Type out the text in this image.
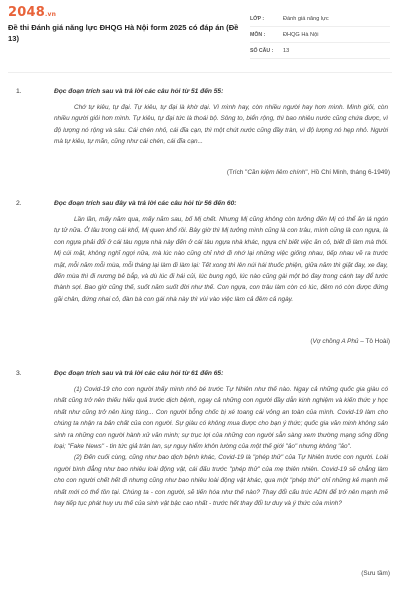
2048.vn
Đề thi Đánh giá năng lực ĐHQG Hà Nội form 2025 có đáp án (Đề 13)
LỚP :	Đánh giá năng lực
MÔN :	ĐHQG Hà Nội
SỐ CÂU :	13
1.	Đọc đoạn trích sau và trả lời các câu hỏi từ 51 đến 55:

Chớ tự kiêu, tự đại. Tự kiêu, tự đại là khờ dại. Vì mình hay, còn nhiều người hay hơn mình. Mình giỏi, còn nhiều người giỏi hơn mình. Tự kiêu, tự đại tức là thoái bộ. Sông to, biển rộng, thì bao nhiêu nước cũng chứa được, vì độ lượng nó rộng và sâu. Cái chén nhỏ, cái đĩa cạn, thì một chút nước cũng đầy tràn, vì độ lượng nó hẹp nhỏ. Người mà tự kiêu, tự mãn, cũng như cái chén, cái đĩa cạn...

(Trích "Cần kiệm liêm chính", Hồ Chí Minh, tháng 6-1949)
2.	Đọc đoạn trích sau đây và trả lời các câu hỏi từ 56 đến 60:

Lần lần, mấy năm qua, mấy năm sau, bố Mị chết. Nhưng Mị cũng không còn tưởng đến Mị có thể ăn lá ngón tự tử nữa. Ở lâu trong cái khổ, Mị quen khổ rồi. Bây giờ thì Mị tưởng mình cũng là con trâu, mình cũng là con ngựa, là con ngựa phải đổi ở cái tàu ngựa nhà này đến ở cái tàu ngựa nhà khác, ngựa chỉ biết việc ăn cỏ, biết đi làm mà thôi. Mị cúi mặt, không nghĩ ngợi nữa, mà lúc nào cũng chỉ nhớ đi nhớ lại những việc giống nhau, tiếp nhau vẽ ra trước mặt, mỗi năm mỗi mùa, mỗi tháng lại làm đi làm lại: Tết xong thì lên núi hái thuốc phiện, giữa năm thì giặt đay, xe đay, đến mùa thì đi nương bẻ bắp, và dù lúc đi hái củi, lúc bung ngô, lúc nào cũng gài một bó đay trong cánh tay để tước thành sợi. Bao giờ cũng thế, suốt năm suốt đời như thế. Con ngựa, con trâu làm còn có lúc, đêm nó còn được đứng gãi chân, đứng nhai cỏ, đàn bà con gái nhà này thì vùi vào việc làm cả đêm cả ngày.

(Vợ chồng A Phủ – Tô Hoài)
3.	Đọc đoạn trích sau và trả lời các câu hỏi từ 61 đến 65:

(1) Covid-19 cho con người thấy mình nhỏ bé trước Tự Nhiên như thế nào. Ngay cả những quốc gia giàu có nhất cũng trở nên thiếu hiểu quả trước dịch bệnh, ngay cả những con người đầy dẫn kinh nghiệm và kiến thức y học nhất như cũng trở nên lúng túng... Con người bỗng chốc bị xé toang cái vỏng an toàn của mình. Covid-19 làm cho chúng ta nhận ra bản chất của con người. Sự giàu có không mua được cho bạn ý thức; quốc gia văn minh không sản sinh ra những con người hành xử văn minh; sự trục lợi của những con người sẵn sàng xem thường mạng sống đồng loại; "Fake News" - tin tức giả tràn lan, sự nguy hiểm khôn lường của một thế giới "ảo" nhưng không "ảo".

(2) Đến cuối cùng, cũng như bao dịch bệnh khác, Covid-19 là "phép thử" của Tự Nhiên trước con người. Loài người bình đẳng như bao nhiêu loài động vật, cái đấu trước "phép thử" của mẹ thiên nhiên. Covid-19 sẽ chẳng làm cho con người chết hết đi nhưng cũng như bao nhiêu loài động vật khác, qua một "phép thử" chỉ những kẻ mạnh mẽ nhất mới có thể tồn tại. Chúng ta - con người, sẽ tiến hóa như thế nào? Thay đổi cấu trúc ADN để trở nên mạnh mẽ hay tiếp tục phát huy ưu thế của sinh vật bậc cao nhất - trước hết thay đổi tư duy và ý thức của mình?

(Sưu tầm)
